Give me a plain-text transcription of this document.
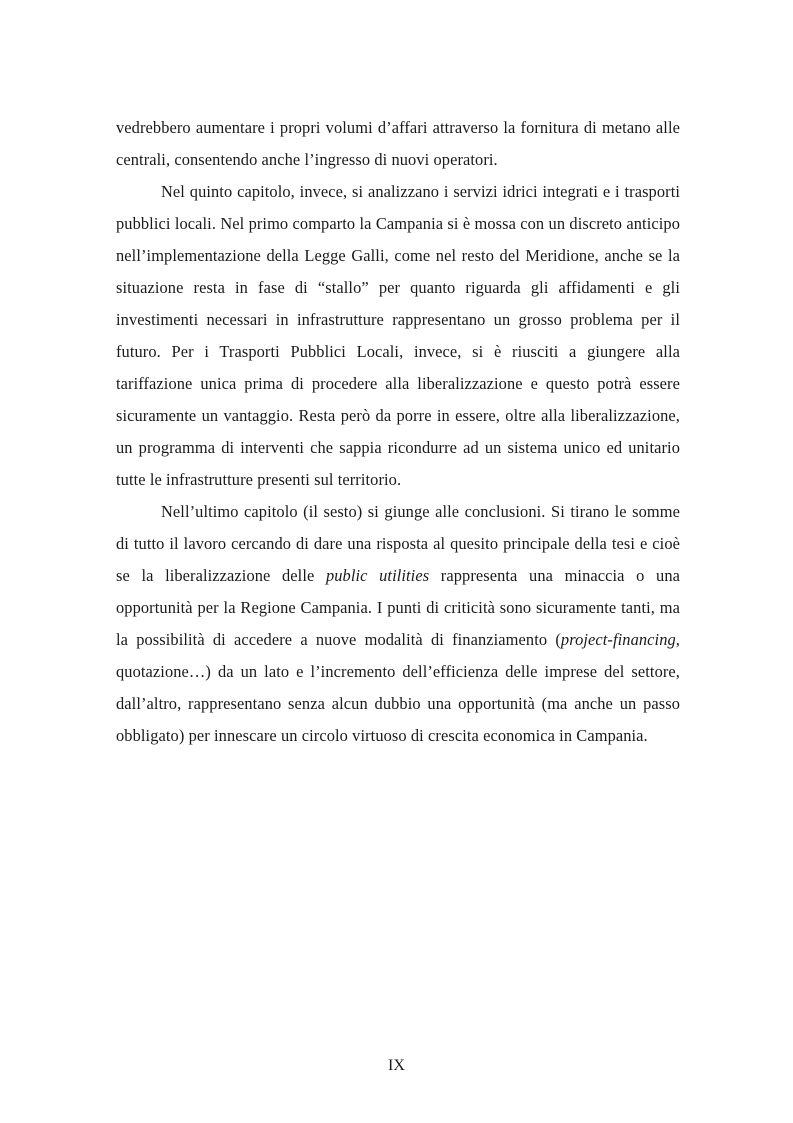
vedrebbero aumentare i propri volumi d’affari attraverso la fornitura di metano alle centrali, consentendo anche l’ingresso di nuovi operatori.

Nel quinto capitolo, invece, si analizzano i servizi idrici integrati e i trasporti pubblici locali. Nel primo comparto la Campania si è mossa con un discreto anticipo nell’implementazione della Legge Galli, come nel resto del Meridione, anche se la situazione resta in fase di “stallo” per quanto riguarda gli affidamenti e gli investimenti necessari in infrastrutture rappresentano un grosso problema per il futuro. Per i Trasporti Pubblici Locali, invece, si è riusciti a giungere alla tariffazione unica prima di procedere alla liberalizzazione e questo potrà essere sicuramente un vantaggio. Resta però da porre in essere, oltre alla liberalizzazione, un programma di interventi che sappia ricondurre ad un sistema unico ed unitario tutte le infrastrutture presenti sul territorio.

Nell’ultimo capitolo (il sesto) si giunge alle conclusioni. Si tirano le somme di tutto il lavoro cercando di dare una risposta al quesito principale della tesi e cioè se la liberalizzazione delle public utilities rappresenta una minaccia o una opportunità per la Regione Campania. I punti di criticità sono sicuramente tanti, ma la possibilità di accedere a nuove modalità di finanziamento (project-financing, quotazione…) da un lato e l’incremento dell’efficienza delle imprese del settore, dall’altro, rappresentano senza alcun dubbio una opportunità (ma anche un passo obbligato) per innescare un circolo virtuoso di crescita economica in Campania.

IX
